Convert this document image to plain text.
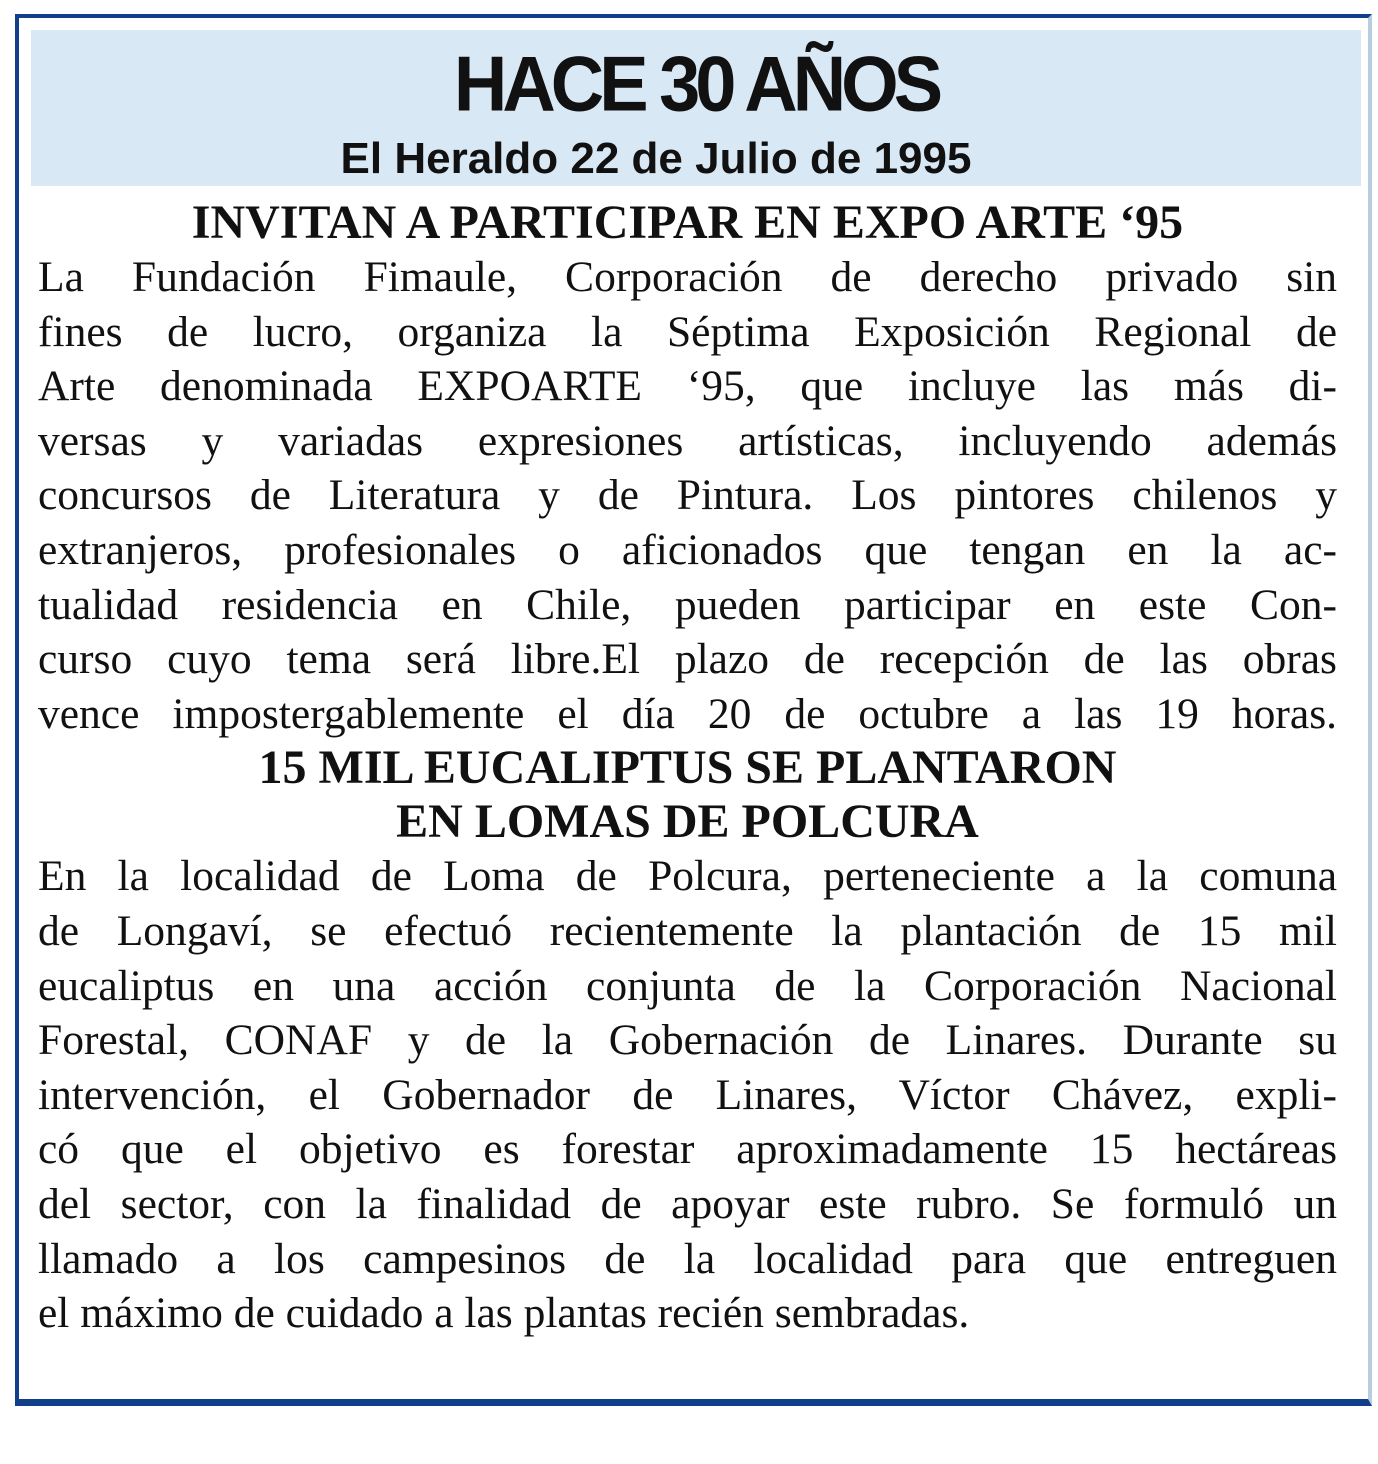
HACE 30 AÑOS
El Heraldo 22 de Julio de 1995
INVITAN A PARTICIPAR EN EXPO ARTE ‘95
La Fundación Fimaule, Corporación de derecho privado sin
fines de lucro, organiza la Séptima Exposición Regional de
Arte denominada EXPOARTE ‘95, que incluye las más di-
versas y variadas expresiones artísticas, incluyendo además
concursos de Literatura y de Pintura. Los pintores chilenos y
extranjeros, profesionales o aficionados que tengan en la ac-
tualidad residencia en Chile, pueden participar en este Con-
curso cuyo tema será libre.El plazo de recepción de las obras
vence impostergablemente el día 20 de octubre a las 19 horas.
15 MIL EUCALIPTUS SE PLANTARON
EN LOMAS DE POLCURA
En la localidad de Loma de Polcura, perteneciente a la comuna
de Longaví, se efectuó recientemente la plantación de 15 mil
eucaliptus en una acción conjunta de la Corporación Nacional
Forestal, CONAF y de la Gobernación de Linares. Durante su
intervención, el Gobernador de Linares, Víctor Chávez, expli-
có que el objetivo es forestar aproximadamente 15 hectáreas
del sector, con la finalidad de apoyar este rubro. Se formuló un
llamado a los campesinos de la localidad para que entreguen
el máximo de cuidado a las plantas recién sembradas.
